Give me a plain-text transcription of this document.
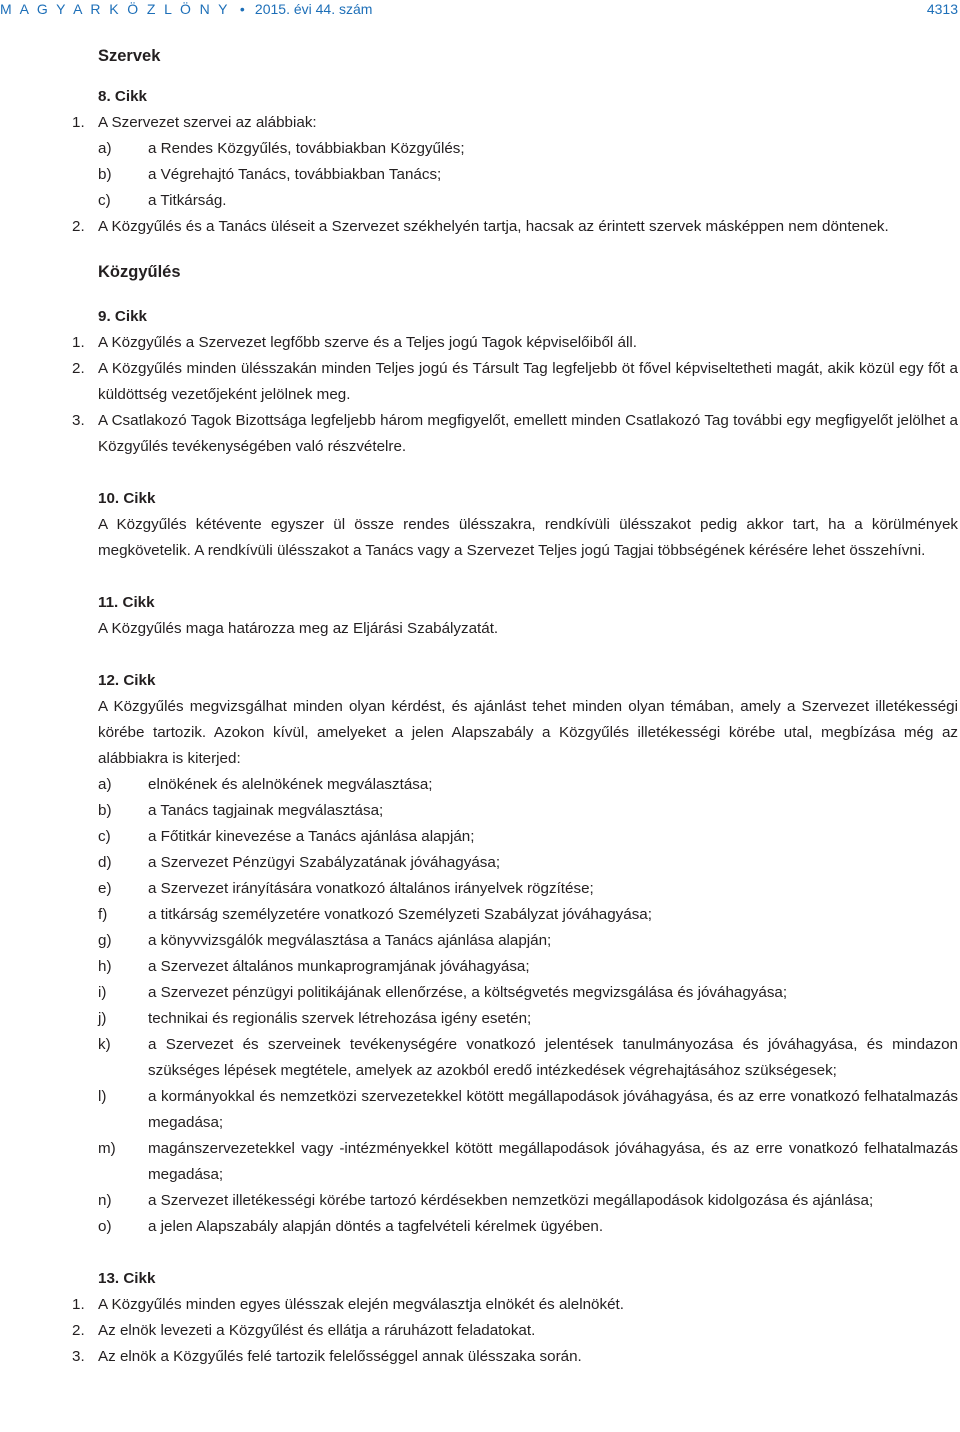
M A G Y A R K Ö Z L Ö N Y • 2015. évi 44. szám	4313
Szervek
8. Cikk
1. A Szervezet szervei az alábbiak:
a) a Rendes Közgyűlés, továbbiakban Közgyűlés;
b) a Végrehajtó Tanács, továbbiakban Tanács;
c) a Titkárság.
2. A Közgyűlés és a Tanács üléseit a Szervezet székhelyén tartja, hacsak az érintett szervek másképpen nem döntenek.
Közgyűlés
9. Cikk
1. A Közgyűlés a Szervezet legfőbb szerve és a Teljes jogú Tagok képviselőiből áll.
2. A Közgyűlés minden ülésszakán minden Teljes jogú és Társult Tag legfeljebb öt fővel képviseltetheti magát, akik közül egy főt a küldöttség vezetőjeként jelölnek meg.
3. A Csatlakozó Tagok Bizottsága legfeljebb három megfigyelőt, emellett minden Csatlakozó Tag további egy megfigyelőt jelölhet a Közgyűlés tevékenységében való részvételre.
10. Cikk
A Közgyűlés kétévente egyszer ül össze rendes ülésszakra, rendkívüli ülésszakot pedig akkor tart, ha a körülmények megkövetelik. A rendkívüli ülésszakot a Tanács vagy a Szervezet Teljes jogú Tagjai többségének kérésére lehet összehívni.
11. Cikk
A Közgyűlés maga határozza meg az Eljárási Szabályzatát.
12. Cikk
A Közgyűlés megvizsgálhat minden olyan kérdést, és ajánlást tehet minden olyan témában, amely a Szervezet illetékességi körébe tartozik. Azokon kívül, amelyeket a jelen Alapszabály a Közgyűlés illetékességi körébe utal, megbízása még az alábbiakra is kiterjed:
a) elnökének és alelnökének megválasztása;
b) a Tanács tagjainak megválasztása;
c) a Főtitkár kinevezése a Tanács ajánlása alapján;
d) a Szervezet Pénzügyi Szabályzatának jóváhagyása;
e) a Szervezet irányítására vonatkozó általános irányelvek rögzítése;
f)	a titkárság személyzetére vonatkozó Személyzeti Szabályzat jóváhagyása;
g) a könyvvizsgálók megválasztása a Tanács ajánlása alapján;
h) a Szervezet általános munkaprogramjának jóváhagyása;
i)	a Szervezet pénzügyi politikájának ellenőrzése, a költségvetés megvizsgálása és jóváhagyása;
j)	technikai és regionális szervek létrehozása igény esetén;
k) a Szervezet és szerveinek tevékenységére vonatkozó jelentések tanulmányozása és jóváhagyása, és mindazon szükséges lépések megtétele, amelyek az azokból eredő intézkedések végrehajtásához szükségesek;
l)	a kormányokkal és nemzetközi szervezetekkel kötött megállapodások jóváhagyása, és az erre vonatkozó felhatalmazás megadása;
m) magánszervezetekkel vagy -intézményekkel kötött megállapodások jóváhagyása, és az erre vonatkozó felhatalmazás megadása;
n) a Szervezet illetékességi körébe tartozó kérdésekben nemzetközi megállapodások kidolgozása és ajánlása;
o) a jelen Alapszabály alapján döntés a tagfelvételi kérelmek ügyében.
13. Cikk
1. A Közgyűlés minden egyes ülésszak elején megválasztja elnökét és alelnökét.
2. Az elnök levezeti a Közgyűlést és ellátja a ráruházott feladatokat.
3. Az elnök a Közgyűlés felé tartozik felelősséggel annak ülésszaka során.
